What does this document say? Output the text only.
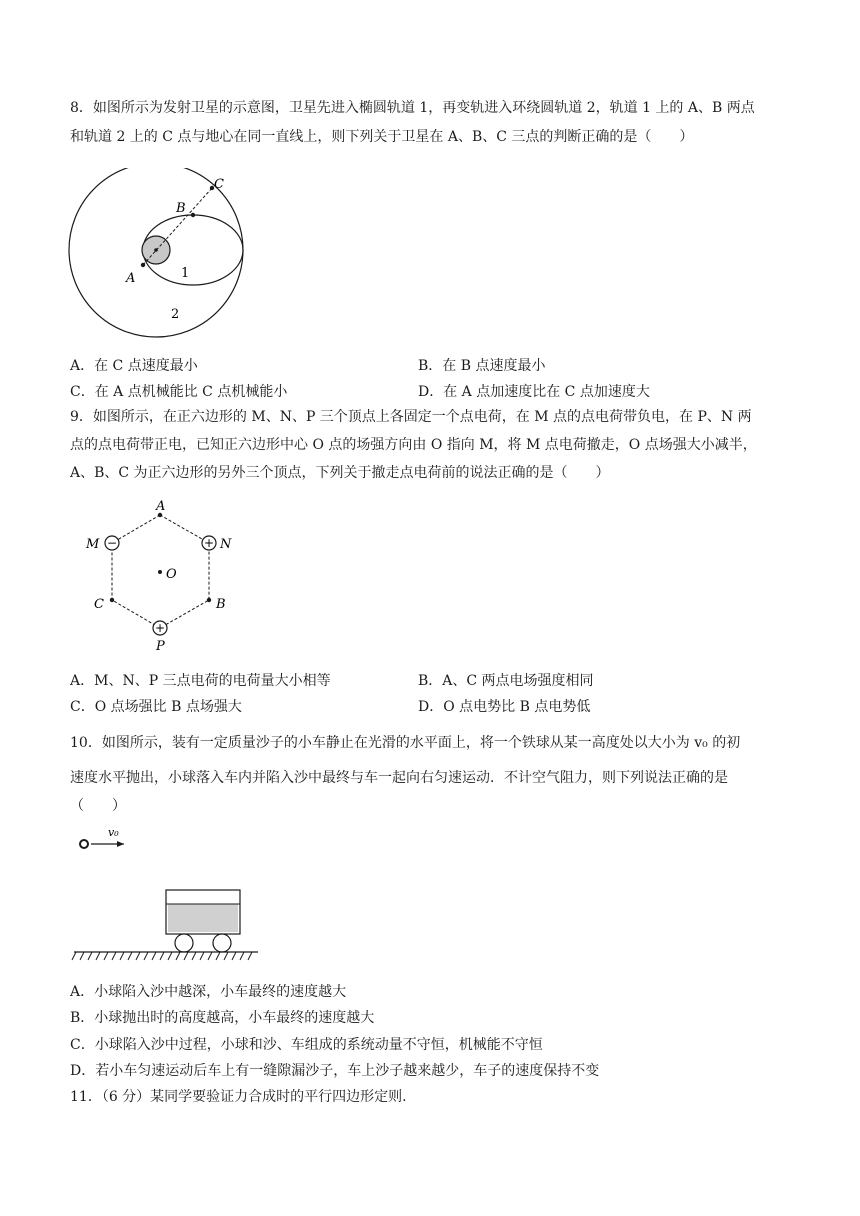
8．如图所示为发射卫星的示意图，卫星先进入椭圆轨道 1，再变轨进入环绕圆轨道 2，轨道 1 上的 A、B 两点
和轨道 2 上的 C 点与地心在同一直线上，则下列关于卫星在 A、B、C 三点的判断正确的是（　　）
C
B
A	1
2
A．在 C 点速度最小	B．在 B 点速度最小
C．在 A 点机械能比 C 点机械能小	D．在 A 点加速度比在 C 点加速度大
9．如图所示，在正六边形的 M、N、P 三个顶点上各固定一个点电荷，在 M 点的点电荷带负电，在 P、N 两
点的点电荷带正电，已知正六边形中心 O 点的场强方向由 O 指向 M，将 M 点电荷撤走，O 点场强大小减半，
A、B、C 为正六边形的另外三个顶点，下列关于撤走点电荷前的说法正确的是（　　）
−	+
+
A
M	N
O
C	B
P
A．M、N、P 三点电荷的电荷量大小相等	B．A、C 两点电场强度相同
C．O 点场强比 B 点场强大	D．O 点电势比 B 点电势低
10．如图所示，装有一定质量沙子的小车静止在光滑的水平面上，将一个铁球从某一高度处以大小为 v₀ 的初
速度水平抛出，小球落入车内并陷入沙中最终与车一起向右匀速运动．不计空气阻力，则下列说法正确的是
（　　）
v₀
A．小球陷入沙中越深，小车最终的速度越大
B．小球抛出时的高度越高，小车最终的速度越大
C．小球陷入沙中过程，小球和沙、车组成的系统动量不守恒，机械能不守恒
D．若小车匀速运动后车上有一缝隙漏沙子，车上沙子越来越少，车子的速度保持不变
11．（6 分）某同学要验证力合成时的平行四边形定则.
